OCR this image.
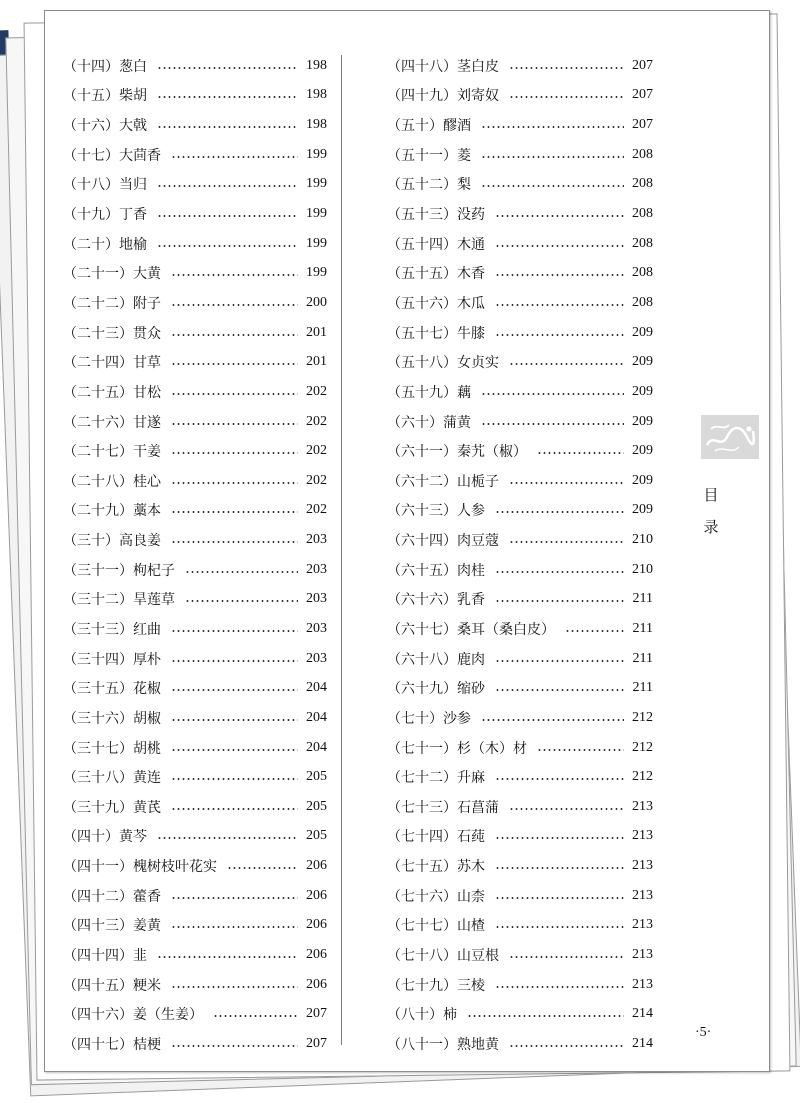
（十四）葱白	198
（十五）柴胡	198
（十六）大戟	198
（十七）大茴香	199
（十八）当归	199
（十九）丁香	199
（二十）地榆	199
（二十一）大黄	199
（二十二）附子	200
（二十三）贯众	201
（二十四）甘草	201
（二十五）甘松	202
（二十六）甘遂	202
（二十七）干姜	202
（二十八）桂心	202
（二十九）藁本	202
（三十）高良姜	203
（三十一）枸杞子	203
（三十二）旱莲草	203
（三十三）红曲	203
（三十四）厚朴	203
（三十五）花椒	204
（三十六）胡椒	204
（三十七）胡桃	204
（三十八）黄连	205
（三十九）黄芪	205
（四十）黄芩	205
（四十一）槐树枝叶花实	206
（四十二）藿香	206
（四十三）姜黄	206
（四十四）韭	206
（四十五）粳米	206
（四十六）姜（生姜）	207
（四十七）桔梗	207
（四十八）茎白皮	207
（四十九）刘寄奴	207
（五十）醪酒	207
（五十一）菱	208
（五十二）梨	208
（五十三）没药	208
（五十四）木通	208
（五十五）木香	208
（五十六）木瓜	208
（五十七）牛膝	209
（五十八）女贞实	209
（五十九）藕	209
（六十）蒲黄	209
（六十一）秦艽（椒）	209
（六十二）山栀子	209
（六十三）人参	209
（六十四）肉豆蔻	210
（六十五）肉桂	210
（六十六）乳香	211
（六十七）桑耳（桑白皮）	211
（六十八）鹿肉	211
（六十九）缩砂	211
（七十）沙参	212
（七十一）杉（木）材	212
（七十二）升麻	212
（七十三）石菖蒲	213
（七十四）石莼	213
（七十五）苏木	213
（七十六）山柰	213
（七十七）山楂	213
（七十八）山豆根	213
（七十九）三棱	213
（八十）柿	214
（八十一）熟地黄	214
目
录
·5·
